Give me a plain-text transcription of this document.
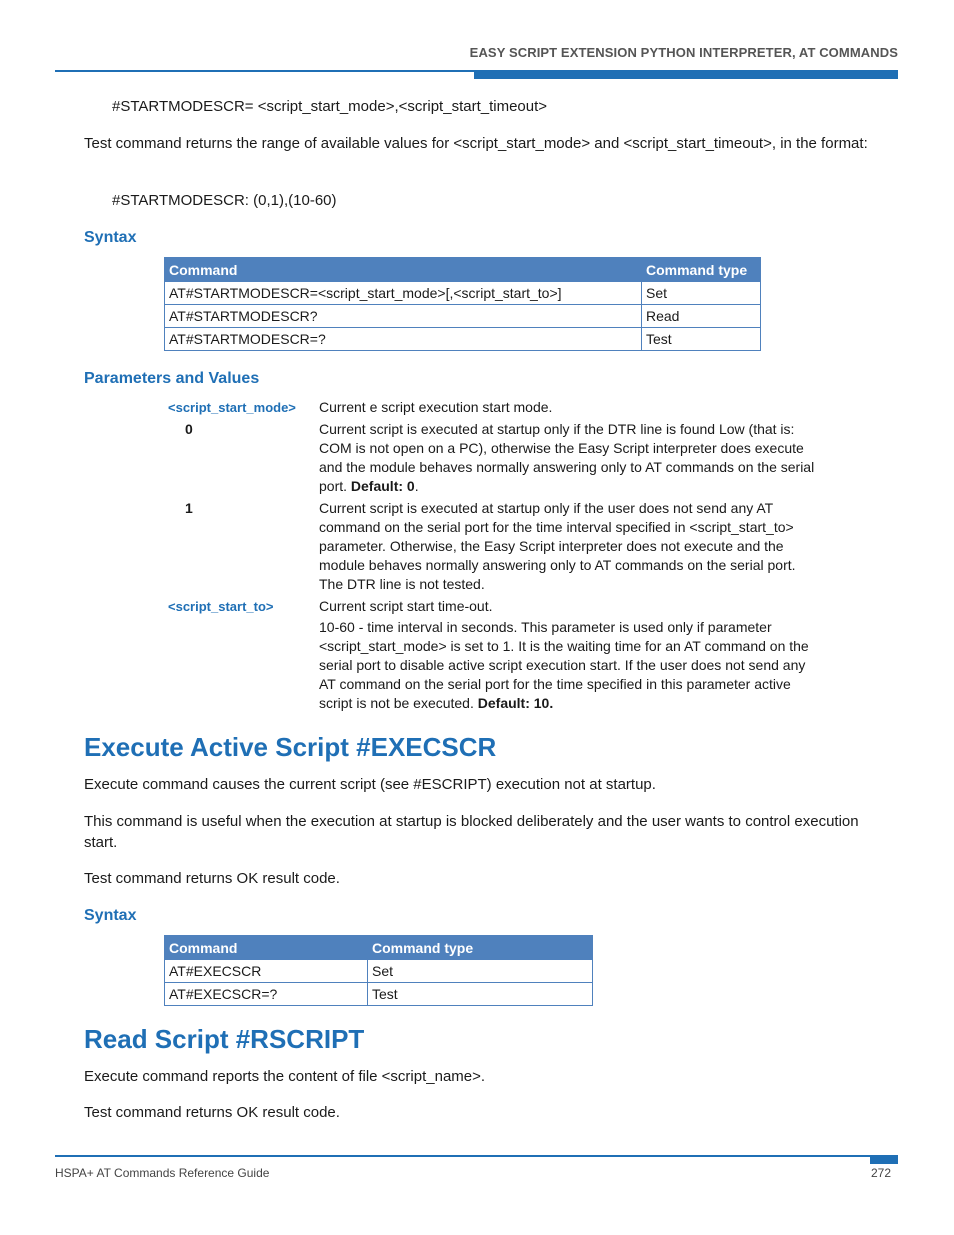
EASY SCRIPT EXTENSION PYTHON INTERPRETER, AT COMMANDS
#STARTMODESCR= <script_start_mode>,<script_start_timeout>
Test command returns the range of available values for <script_start_mode> and <script_start_timeout>, in the format:
#STARTMODESCR: (0,1),(10-60)
Syntax
Command	Command type
AT#STARTMODESCR=<script_start_mode>[,<script_start_to>]	Set
AT#STARTMODESCR?	Read
AT#STARTMODESCR=?	Test
Parameters and Values
<script_start_mode> Current e script execution start mode.
0	Current script is executed at startup only if the DTR line is found Low (that is: COM is not open on a PC), otherwise the Easy Script interpreter does execute and the module behaves normally answering only to AT commands on the serial port. Default: 0.
1	Current script is executed at startup only if the user does not send any AT command on the serial port for the time interval specified in <script_start_to> parameter. Otherwise, the Easy Script interpreter does not execute and the module behaves normally answering only to AT commands on the serial port. The DTR line is not tested.
<script_start_to>	Current script start time-out.
10-60 - time interval in seconds. This parameter is used only if parameter <script_start_mode> is set to 1. It is the waiting time for an AT command on the serial port to disable active script execution start. If the user does not send any AT command on the serial port for the time specified in this parameter active script is not be executed. Default: 10.
Execute Active Script #EXECSCR
Execute command causes the current script (see #ESCRIPT) execution not at startup.
This command is useful when the execution at startup is blocked deliberately and the user wants to control execution start.
Test command returns OK result code.
Syntax
Command	Command type
AT#EXECSCR	Set
AT#EXECSCR=?	Test
Read Script #RSCRIPT
Execute command reports the content of file <script_name>.
Test command returns OK result code.
HSPA+ AT Commands Reference Guide	272
